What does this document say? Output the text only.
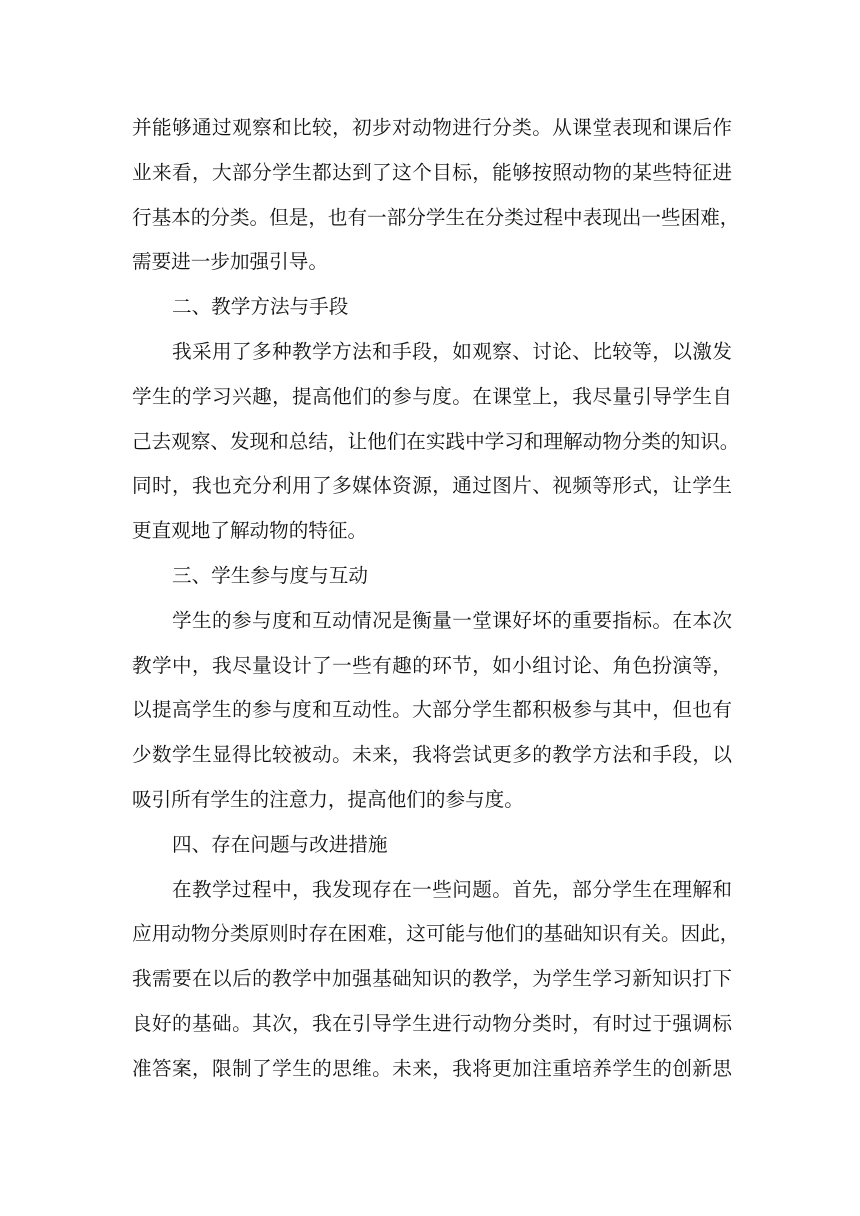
并能够通过观察和比较，初步对动物进行分类。从课堂表现和课后作
业来看，大部分学生都达到了这个目标，能够按照动物的某些特征进
行基本的分类。但是，也有一部分学生在分类过程中表现出一些困难，
需要进一步加强引导。
二、教学方法与手段
我采用了多种教学方法和手段，如观察、讨论、比较等，以激发
学生的学习兴趣，提高他们的参与度。在课堂上，我尽量引导学生自
己去观察、发现和总结，让他们在实践中学习和理解动物分类的知识。
同时，我也充分利用了多媒体资源，通过图片、视频等形式，让学生
更直观地了解动物的特征。
三、学生参与度与互动
学生的参与度和互动情况是衡量一堂课好坏的重要指标。在本次
教学中，我尽量设计了一些有趣的环节，如小组讨论、角色扮演等，
以提高学生的参与度和互动性。大部分学生都积极参与其中，但也有
少数学生显得比较被动。未来，我将尝试更多的教学方法和手段，以
吸引所有学生的注意力，提高他们的参与度。
四、存在问题与改进措施
在教学过程中，我发现存在一些问题。首先，部分学生在理解和
应用动物分类原则时存在困难，这可能与他们的基础知识有关。因此，
我需要在以后的教学中加强基础知识的教学，为学生学习新知识打下
良好的基础。其次，我在引导学生进行动物分类时，有时过于强调标
准答案，限制了学生的思维。未来，我将更加注重培养学生的创新思
